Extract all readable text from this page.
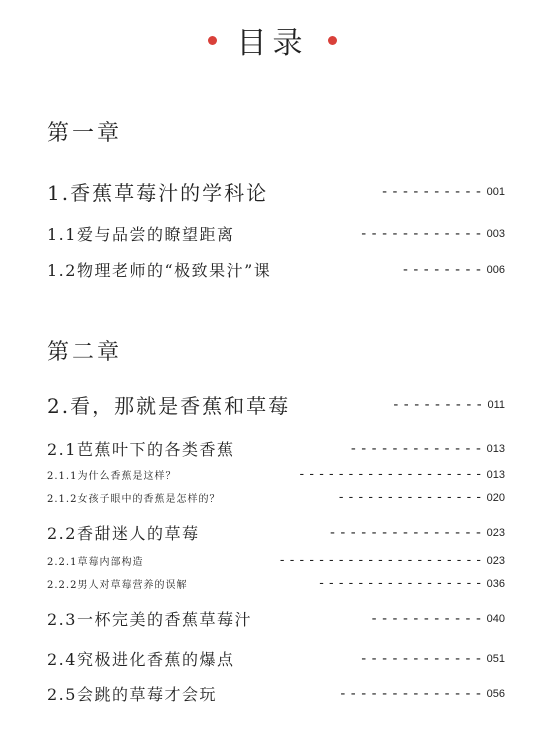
目录
第一章
1.香蕉草莓汁的学科论	---------- 001
1.1爱与品尝的瞭望距离	------------ 003
1.2物理老师的“极致果汁”课	-------- 006
第二章
2.看，那就是香蕉和草莓	--------- 011
2.1芭蕉叶下的各类香蕉	------------- 013
2.1.1为什么香蕉是这样？	------------------- 013
2.1.2女孩子眼中的香蕉是怎样的？	--------------- 020
2.2香甜迷人的草莓	--------------- 023
2.2.1草莓内部构造	--------------------- 023
2.2.2男人对草莓营养的误解	----------------- 036
2.3一杯完美的香蕉草莓汁	----------- 040
2.4究极进化香蕉的爆点	------------ 051
2.5会跳的草莓才会玩	-------------- 056
